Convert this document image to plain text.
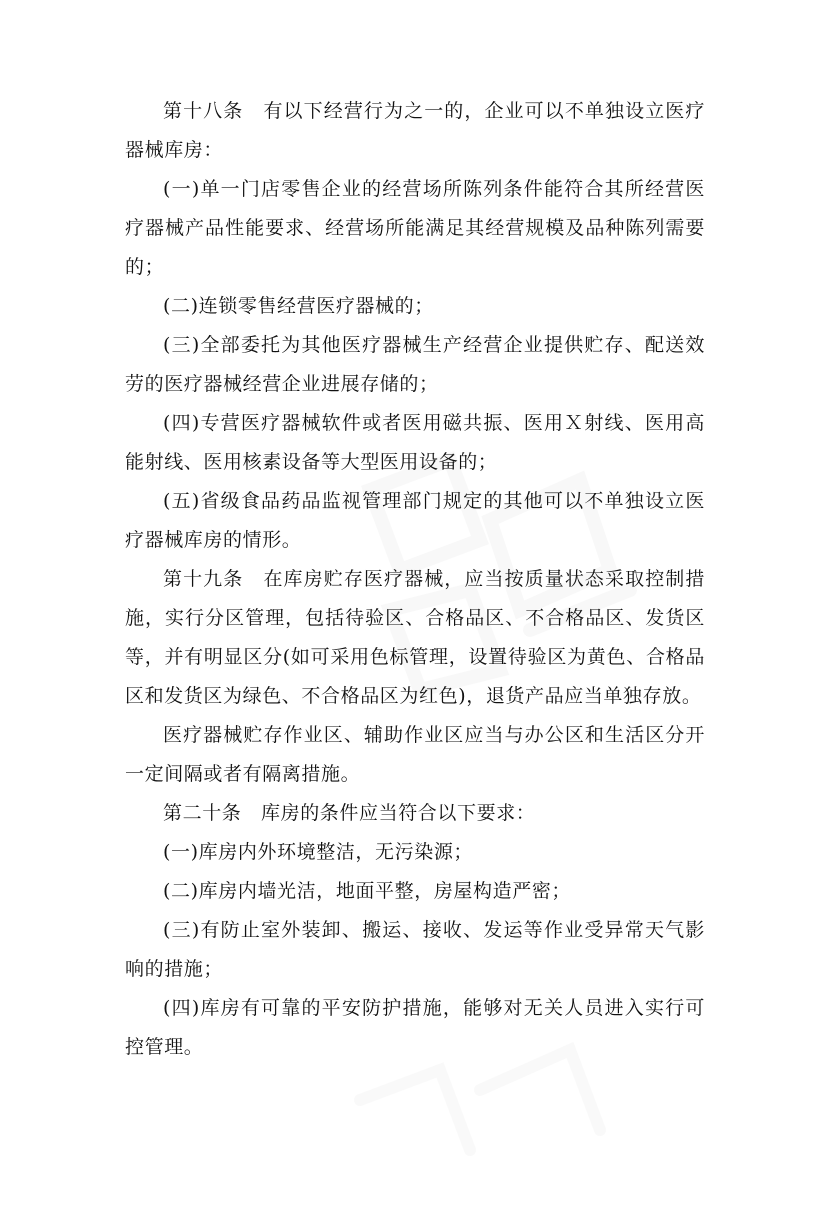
第十八条　有以下经营行为之一的，企业可以不单独设立医疗器械库房：

(一)单一门店零售企业的经营场所陈列条件能符合其所经营医疗器械产品性能要求、经营场所能满足其经营规模及品种陈列需要的；

(二)连锁零售经营医疗器械的；

(三)全部委托为其他医疗器械生产经营企业提供贮存、配送效劳的医疗器械经营企业进展存储的；

(四)专营医疗器械软件或者医用磁共振、医用Ｘ射线、医用高能射线、医用核素设备等大型医用设备的；

(五)省级食品药品监视管理部门规定的其他可以不单独设立医疗器械库房的情形。

第十九条　在库房贮存医疗器械，应当按质量状态采取控制措施，实行分区管理，包括待验区、合格品区、不合格品区、发货区等，并有明显区分(如可采用色标管理，设置待验区为黄色、合格品区和发货区为绿色、不合格品区为红色)，退货产品应当单独存放。

医疗器械贮存作业区、辅助作业区应当与办公区和生活区分开一定间隔或者有隔离措施。

第二十条　库房的条件应当符合以下要求：

(一)库房内外环境整洁，无污染源；

(二)库房内墙光洁，地面平整，房屋构造严密；

(三)有防止室外装卸、搬运、接收、发运等作业受异常天气影响的措施；

(四)库房有可靠的平安防护措施，能够对无关人员进入实行可控管理。
